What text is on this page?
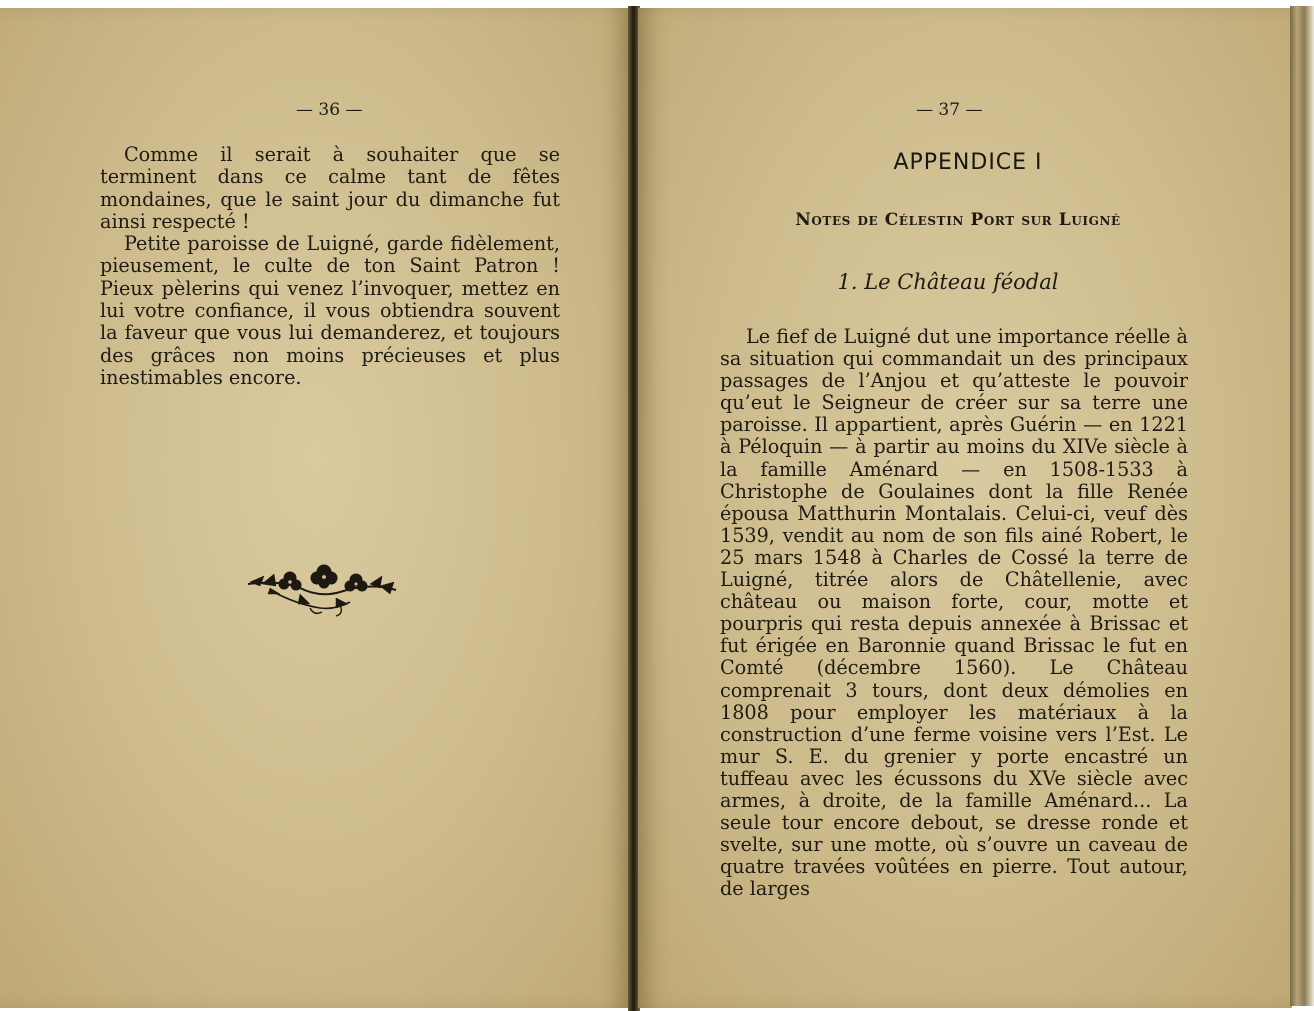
— 36 —

Comme il serait à souhaiter que se terminent dans ce calme tant de fêtes mondaines, que le saint jour du dimanche fut ainsi respecté !

Petite paroisse de Luigné, garde fidèlement, pieusement, le culte de ton Saint Patron ! Pieux pèlerins qui venez l’invoquer, mettez en lui votre confiance, il vous obtiendra souvent la faveur que vous lui demanderez, et toujours des grâces non moins précieuses et plus inestimables encore.

— 37 —
APPENDICE I
Notes de Célestin Port sur Luigné
1. Le Château féodal

Le fief de Luigné dut une importance réelle à sa situation qui commandait un des principaux passages de l’Anjou et qu’atteste le pouvoir qu’eut le Seigneur de créer sur sa terre une paroisse. Il appartient, après Guérin — en 1221 à Péloquin — à partir au moins du XIVe siècle à la famille Aménard — en 1508-1533 à Christophe de Goulaines dont la fille Renée épousa Matthurin Montalais. Celui-ci, veuf dès 1539, vendit au nom de son fils ainé Robert, le 25 mars 1548 à Charles de Cossé la terre de Luigné, titrée alors de Châtellenie, avec château ou maison forte, cour, motte et pourpris qui resta depuis annexée à Brissac et fut érigée en Baronnie quand Brissac le fut en Comté (décembre 1560). Le Château comprenait 3 tours, dont deux démolies en 1808 pour employer les matériaux à la construction d’une ferme voisine vers l’Est. Le mur S. E. du grenier y porte encastré un tuffeau avec les écussons du XVe siècle avec armes, à droite, de la famille Aménard... La seule tour encore debout, se dresse ronde et svelte, sur une motte, où s’ouvre un caveau de quatre travées voûtées en pierre. Tout autour, de larges
